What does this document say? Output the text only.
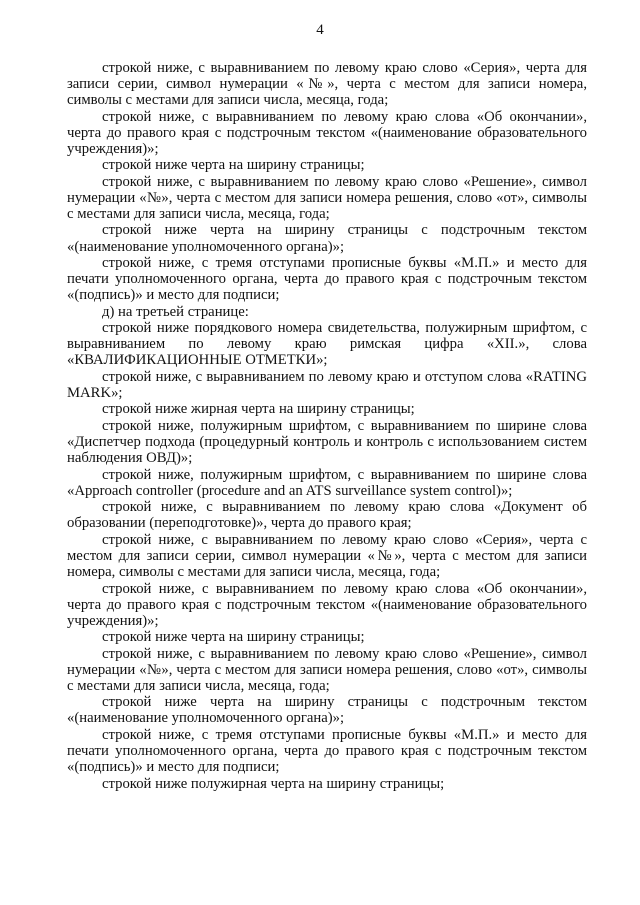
4

строкой ниже, с выравниванием по левому краю слово «Серия», черта для записи серии, символ нумерации «№», черта с местом для записи номера, символы с местами для записи числа, месяца, года;

строкой ниже, с выравниванием по левому краю слова «Об окончании», черта до правого края с подстрочным текстом «(наименование образовательного учреждения)»;

строкой ниже черта на ширину страницы;

строкой ниже, с выравниванием по левому краю слово «Решение», символ нумерации «№», черта с местом для записи номера решения, слово «от», символы с местами для записи числа, месяца, года;

строкой ниже черта на ширину страницы с подстрочным текстом «(наименование уполномоченного органа)»;

строкой ниже, с тремя отступами прописные буквы «М.П.» и место для печати уполномоченного органа, черта до правого края с подстрочным текстом «(подпись)» и место для подписи;

д) на третьей странице:

строкой ниже порядкового номера свидетельства, полужирным шрифтом, с выравниванием по левому краю римская цифра «XII.», слова «КВАЛИФИКАЦИОННЫЕ ОТМЕТКИ»;

строкой ниже, с выравниванием по левому краю и отступом слова «RATING MARK»;

строкой ниже жирная черта на ширину страницы;

строкой ниже, полужирным шрифтом, с выравниванием по ширине слова «Диспетчер подхода (процедурный контроль и контроль с использованием систем наблюдения ОВД)»;

строкой ниже, полужирным шрифтом, с выравниванием по ширине слова «Approach controller (procedure and an ATS surveillance system control)»;

строкой ниже, с выравниванием по левому краю слова «Документ об образовании (переподготовке)», черта до правого края;

строкой ниже, с выравниванием по левому краю слово «Серия», черта с местом для записи серии, символ нумерации «№», черта с местом для записи номера, символы с местами для записи числа, месяца, года;

строкой ниже, с выравниванием по левому краю слова «Об окончании», черта до правого края с подстрочным текстом «(наименование образовательного учреждения)»;

строкой ниже черта на ширину страницы;

строкой ниже, с выравниванием по левому краю слово «Решение», символ нумерации «№», черта с местом для записи номера решения, слово «от», символы с местами для записи числа, месяца, года;

строкой ниже черта на ширину страницы с подстрочным текстом «(наименование уполномоченного органа)»;

строкой ниже, с тремя отступами прописные буквы «М.П.» и место для печати уполномоченного органа, черта до правого края с подстрочным текстом «(подпись)» и место для подписи;

строкой ниже полужирная черта на ширину страницы;
